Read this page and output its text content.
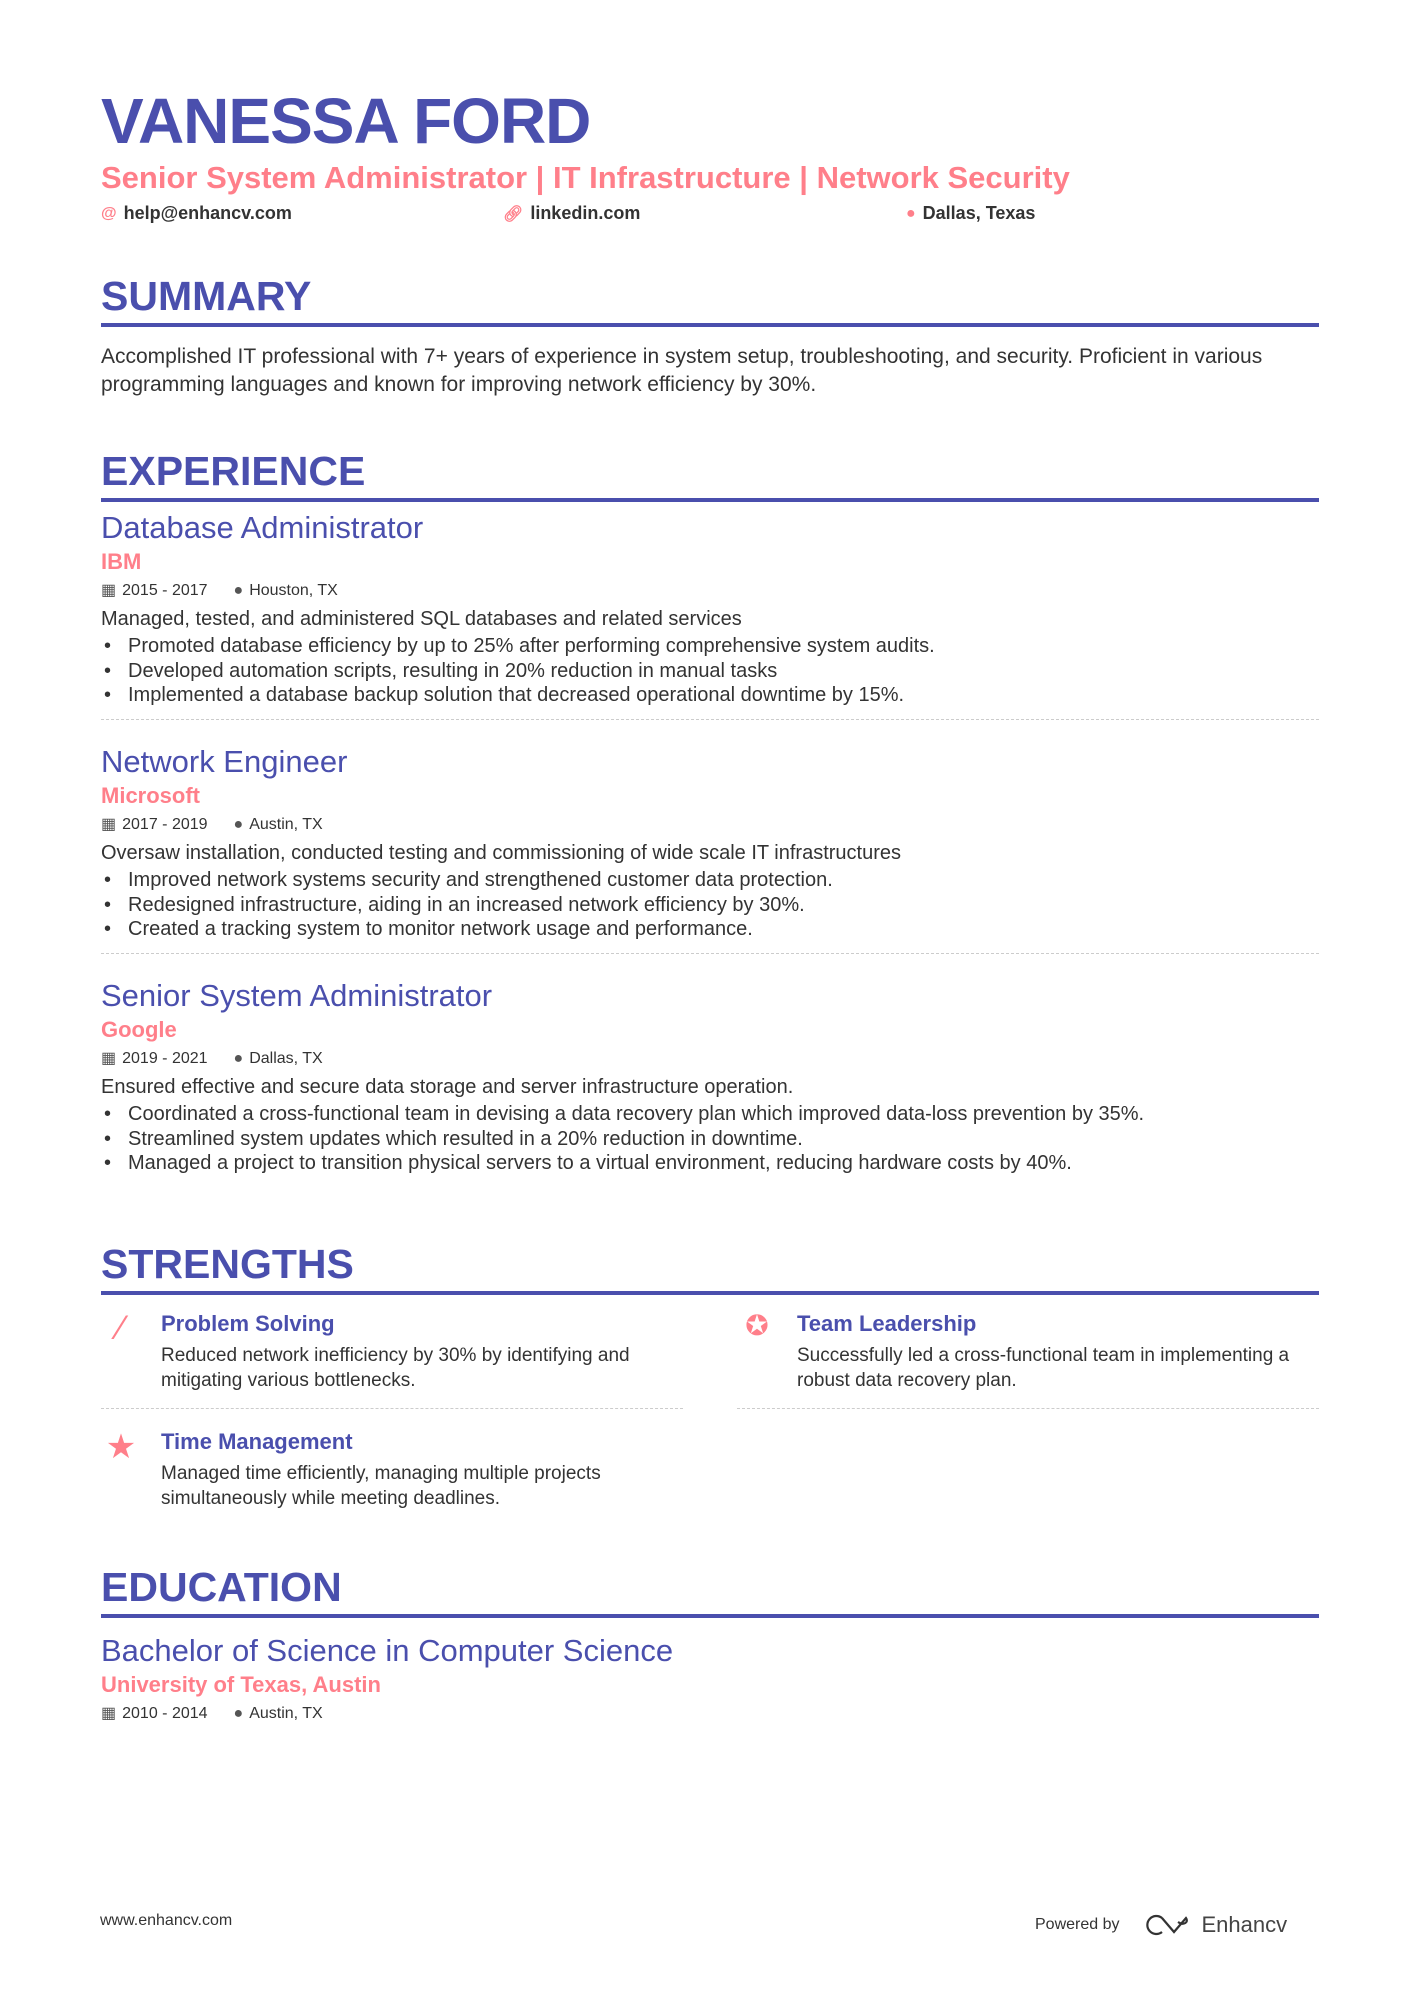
VANESSA FORD
Senior System Administrator | IT Infrastructure | Network Security
@ help@enhancv.com	🔗︎ linkedin.com	● Dallas, Texas
SUMMARY
Accomplished IT professional with 7+ years of experience in system setup, troubleshooting, and security. Proficient in various programming languages and known for improving network efficiency by 30%.
EXPERIENCE
Database Administrator
IBM
▦ 2015 - 2017 ● Houston, TX
Managed, tested, and administered SQL databases and related services
• Promoted database efficiency by up to 25% after performing comprehensive system audits.
• Developed automation scripts, resulting in 20% reduction in manual tasks
• Implemented a database backup solution that decreased operational downtime by 15%.
Network Engineer
Microsoft
▦ 2017 - 2019 ● Austin, TX
Oversaw installation, conducted testing and commissioning of wide scale IT infrastructures
• Improved network systems security and strengthened customer data protection.
• Redesigned infrastructure, aiding in an increased network efficiency by 30%.
• Created a tracking system to monitor network usage and performance.
Senior System Administrator
Google
▦ 2019 - 2021 ● Dallas, TX
Ensured effective and secure data storage and server infrastructure operation.
• Coordinated a cross-functional team in devising a data recovery plan which improved data-loss prevention by 35%.
• Streamlined system updates which resulted in a 20% reduction in downtime.
• Managed a project to transition physical servers to a virtual environment, reducing hardware costs by 40%.
STRENGTHS
⁄	Problem Solving
Reduced network inefficiency by 30% by identifying and mitigating various bottlenecks.
✪	Team Leadership
Successfully led a cross-functional team in implementing a robust data recovery plan.
★ Time Management
Managed time efficiently, managing multiple projects simultaneously while meeting deadlines.
EDUCATION
Bachelor of Science in Computer Science
University of Texas, Austin
▦ 2010 - 2014 ● Austin, TX
www.enhancv.com	Powered by	Enhancv
